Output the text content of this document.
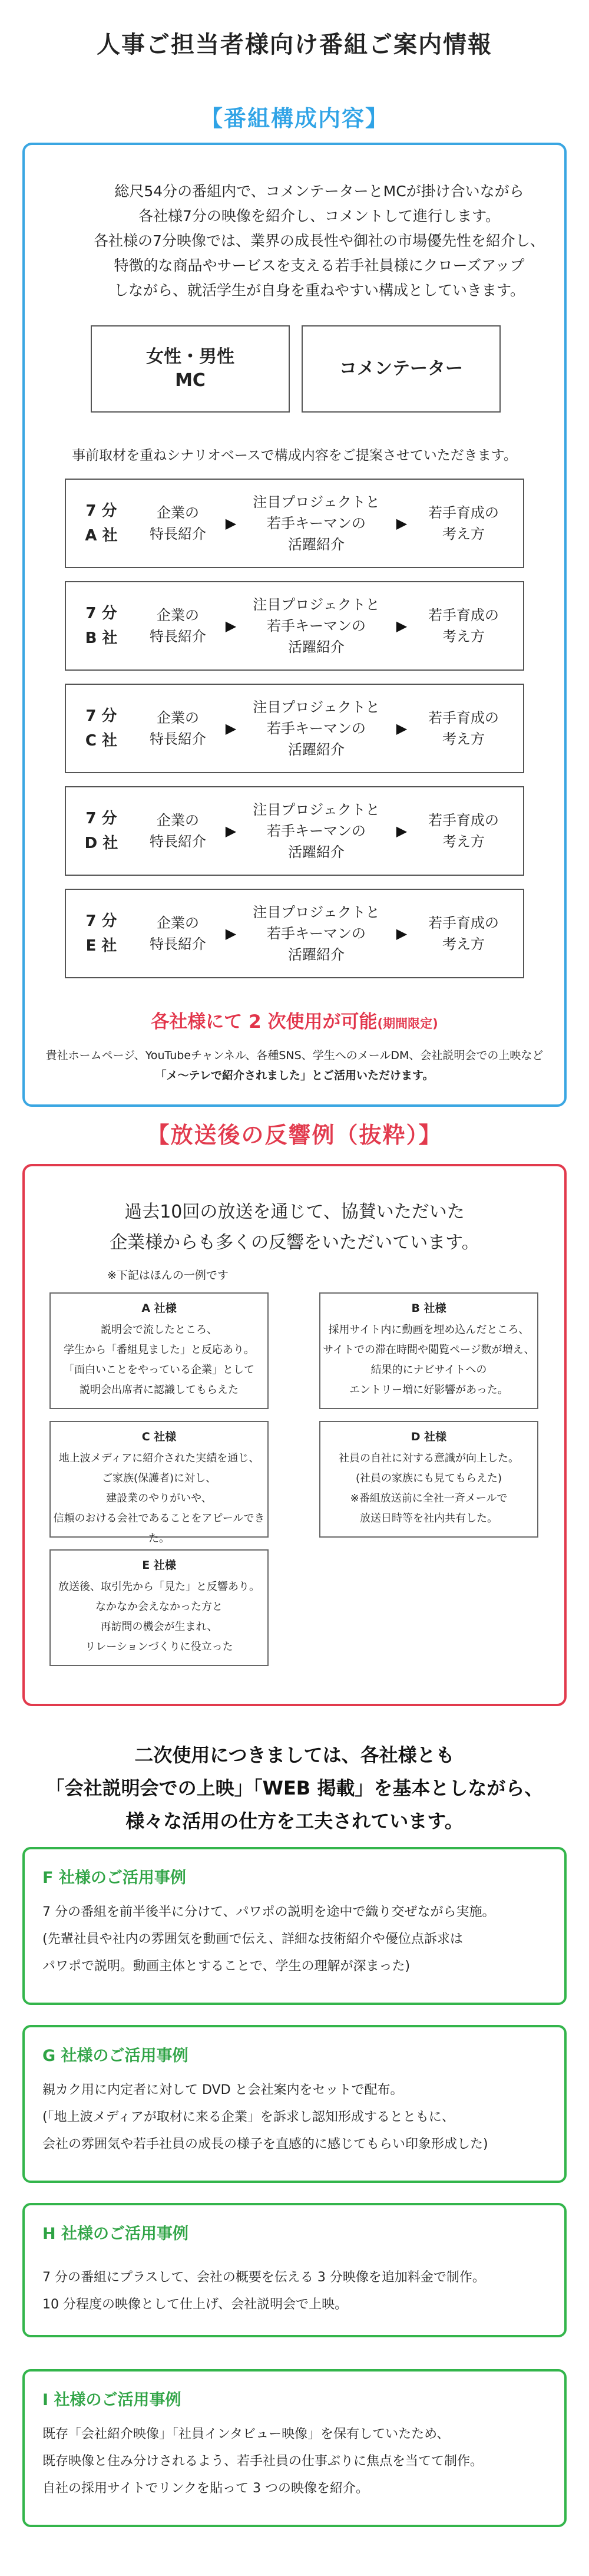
人事ご担当者様向け番組ご案内情報
【番組構成内容】
総尺54分の番組内で、コメンテーターとMCが掛け合いながら
各社様7分の映像を紹介し、コメントして進行します。
各社様の7分映像では、業界の成長性や御社の市場優先性を紹介し、
特徴的な商品やサービスを支える若手社員様にクローズアップ
しながら、就活学生が自身を重ねやすい構成としていきます。
女性・男性
MC
コメンテーター
事前取材を重ねシナリオベースで構成内容をご提案させていただきます。
7 分
A 社
企業の
特長紹介
▶
注目プロジェクトと
若手キーマンの
活躍紹介
▶
若手育成の
考え方
7 分
B 社
企業の
特長紹介
▶
注目プロジェクトと
若手キーマンの
活躍紹介
▶
若手育成の
考え方
7 分
C 社
企業の
特長紹介
▶
注目プロジェクトと
若手キーマンの
活躍紹介
▶
若手育成の
考え方
7 分
D 社
企業の
特長紹介
▶
注目プロジェクトと
若手キーマンの
活躍紹介
▶
若手育成の
考え方
7 分
E 社
企業の
特長紹介
▶
注目プロジェクトと
若手キーマンの
活躍紹介
▶
若手育成の
考え方
各社様にて 2 次使用が可能(期間限定)
貴社ホームページ、YouTubeチャンネル、各種SNS、学生へのメールDM、会社説明会での上映など
「メ～テレで紹介されました」とご活用いただけます。
【放送後の反響例（抜粋）】
過去10回の放送を通じて、協賛いただいた
企業様からも多くの反響をいただいています。
※下記はほんの一例です
A 社様
説明会で流したところ、
学生から「番組見ました」と反応あり。
「面白いことをやっている企業」として
説明会出席者に認識してもらえた
B 社様
採用サイト内に動画を埋め込んだところ、
サイトでの滞在時間や閲覧ページ数が増え、
結果的にナビサイトへの
エントリー増に好影響があった。
C 社様
地上波メディアに紹介された実績を通じ、
ご家族(保護者)に対し、
建設業のやりがいや、
信頼のおける会社であることをアピールできた。
D 社様
社員の自社に対する意識が向上した。
(社員の家族にも見てもらえた)
※番組放送前に全社一斉メールで
放送日時等を社内共有した。
E 社様
放送後、取引先から「見た」と反響あり。
なかなか会えなかった方と
再訪問の機会が生まれ、
リレーションづくりに役立った
二次使用につきましては、各社様とも
「会社説明会での上映」「WEB 掲載」を基本としながら、
様々な活用の仕方を工夫されています。
F 社様のご活用事例
7 分の番組を前半後半に分けて、パワポの説明を途中で織り交ぜながら実施。
(先輩社員や社内の雰囲気を動画で伝え、詳細な技術紹介や優位点訴求は
パワポで説明。動画主体とすることで、学生の理解が深まった)
G 社様のご活用事例
親カク用に内定者に対して DVD と会社案内をセットで配布。
(「地上波メディアが取材に来る企業」を訴求し認知形成するとともに、
会社の雰囲気や若手社員の成長の様子を直感的に感じてもらい印象形成した)
H 社様のご活用事例
7 分の番組にプラスして、会社の概要を伝える 3 分映像を追加料金で制作。
10 分程度の映像として仕上げ、会社説明会で上映。
I 社様のご活用事例
既存「会社紹介映像」「社員インタビュー映像」を保有していたため、
既存映像と住み分けされるよう、若手社員の仕事ぶりに焦点を当てて制作。
自社の採用サイトでリンクを貼って 3 つの映像を紹介。
